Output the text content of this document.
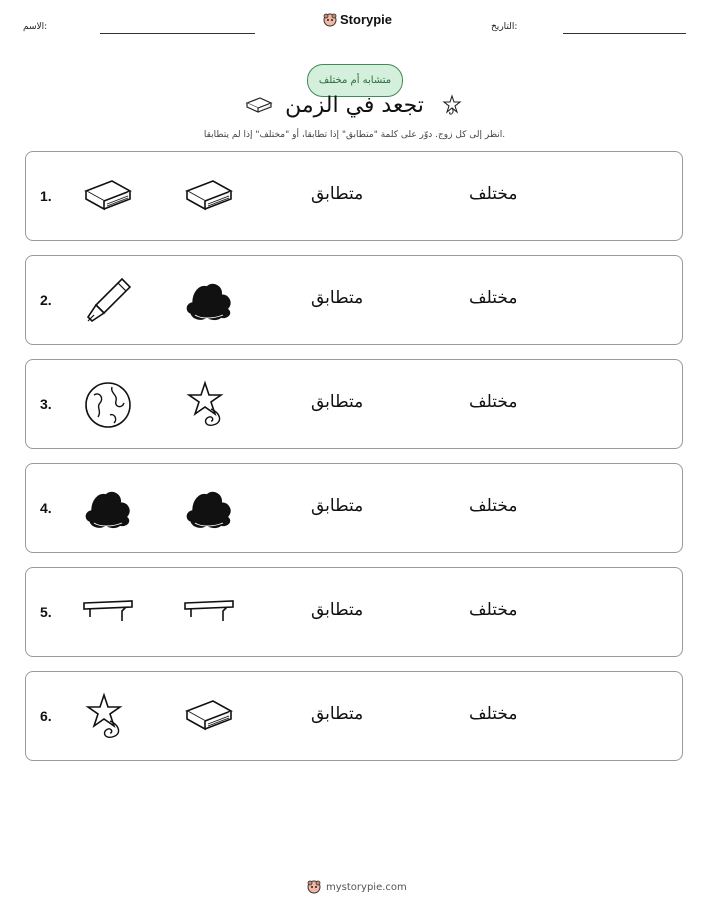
الاسم:	Storypie	التاريخ:
متشابه أم مختلف
تجعد في الزمن
انظر إلى كل زوج. دوّر على كلمة "متطابق" إذا تطابقا، أو "مختلف" إذا لم يتطابقا.
1.	متطابق	مختلف
2.	متطابق	مختلف
3.	متطابق	مختلف
4.	متطابق	مختلف
5.	متطابق	مختلف
6.	متطابق	مختلف
mystorypie.com
